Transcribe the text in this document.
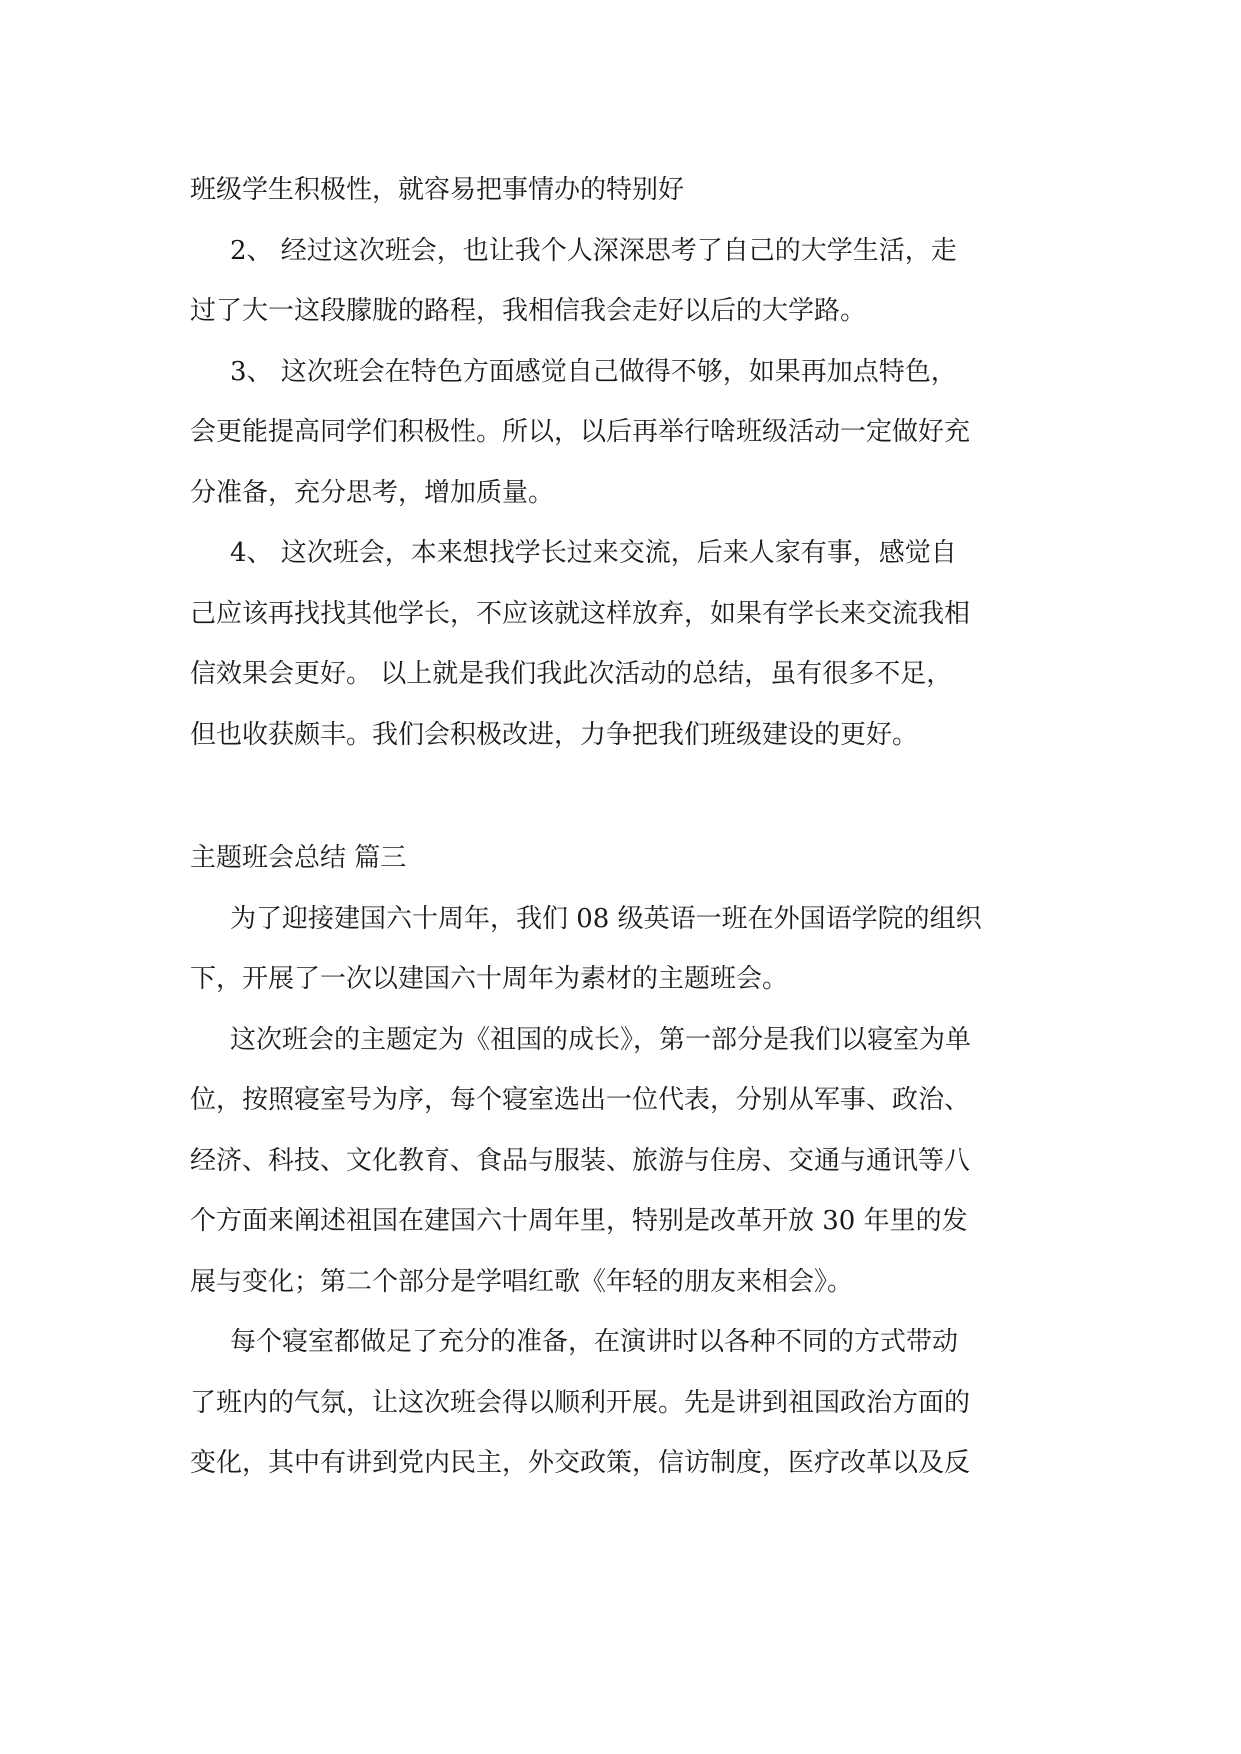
班级学生积极性，就容易把事情办的特别好
2、 经过这次班会，也让我个人深深思考了自己的大学生活，走
过了大一这段朦胧的路程，我相信我会走好以后的大学路。
3、 这次班会在特色方面感觉自己做得不够，如果再加点特色，
会更能提高同学们积极性。所以，以后再举行啥班级活动一定做好充
分准备，充分思考，增加质量。
4、 这次班会，本来想找学长过来交流，后来人家有事，感觉自
己应该再找找其他学长，不应该就这样放弃，如果有学长来交流我相
信效果会更好。 以上就是我们我此次活动的总结，虽有很多不足，
但也收获颇丰。我们会积极改进，力争把我们班级建设的更好。
主题班会总结 篇三
为了迎接建国六十周年，我们 08 级英语一班在外国语学院的组织
下，开展了一次以建国六十周年为素材的主题班会。
这次班会的主题定为《祖国的成长》，第一部分是我们以寝室为单
位，按照寝室号为序，每个寝室选出一位代表，分别从军事、政治、
经济、科技、文化教育、食品与服装、旅游与住房、交通与通讯等八
个方面来阐述祖国在建国六十周年里，特别是改革开放 30 年里的发
展与变化；第二个部分是学唱红歌《年轻的朋友来相会》。
每个寝室都做足了充分的准备，在演讲时以各种不同的方式带动
了班内的气氛，让这次班会得以顺利开展。先是讲到祖国政治方面的
变化，其中有讲到党内民主，外交政策，信访制度，医疗改革以及反
